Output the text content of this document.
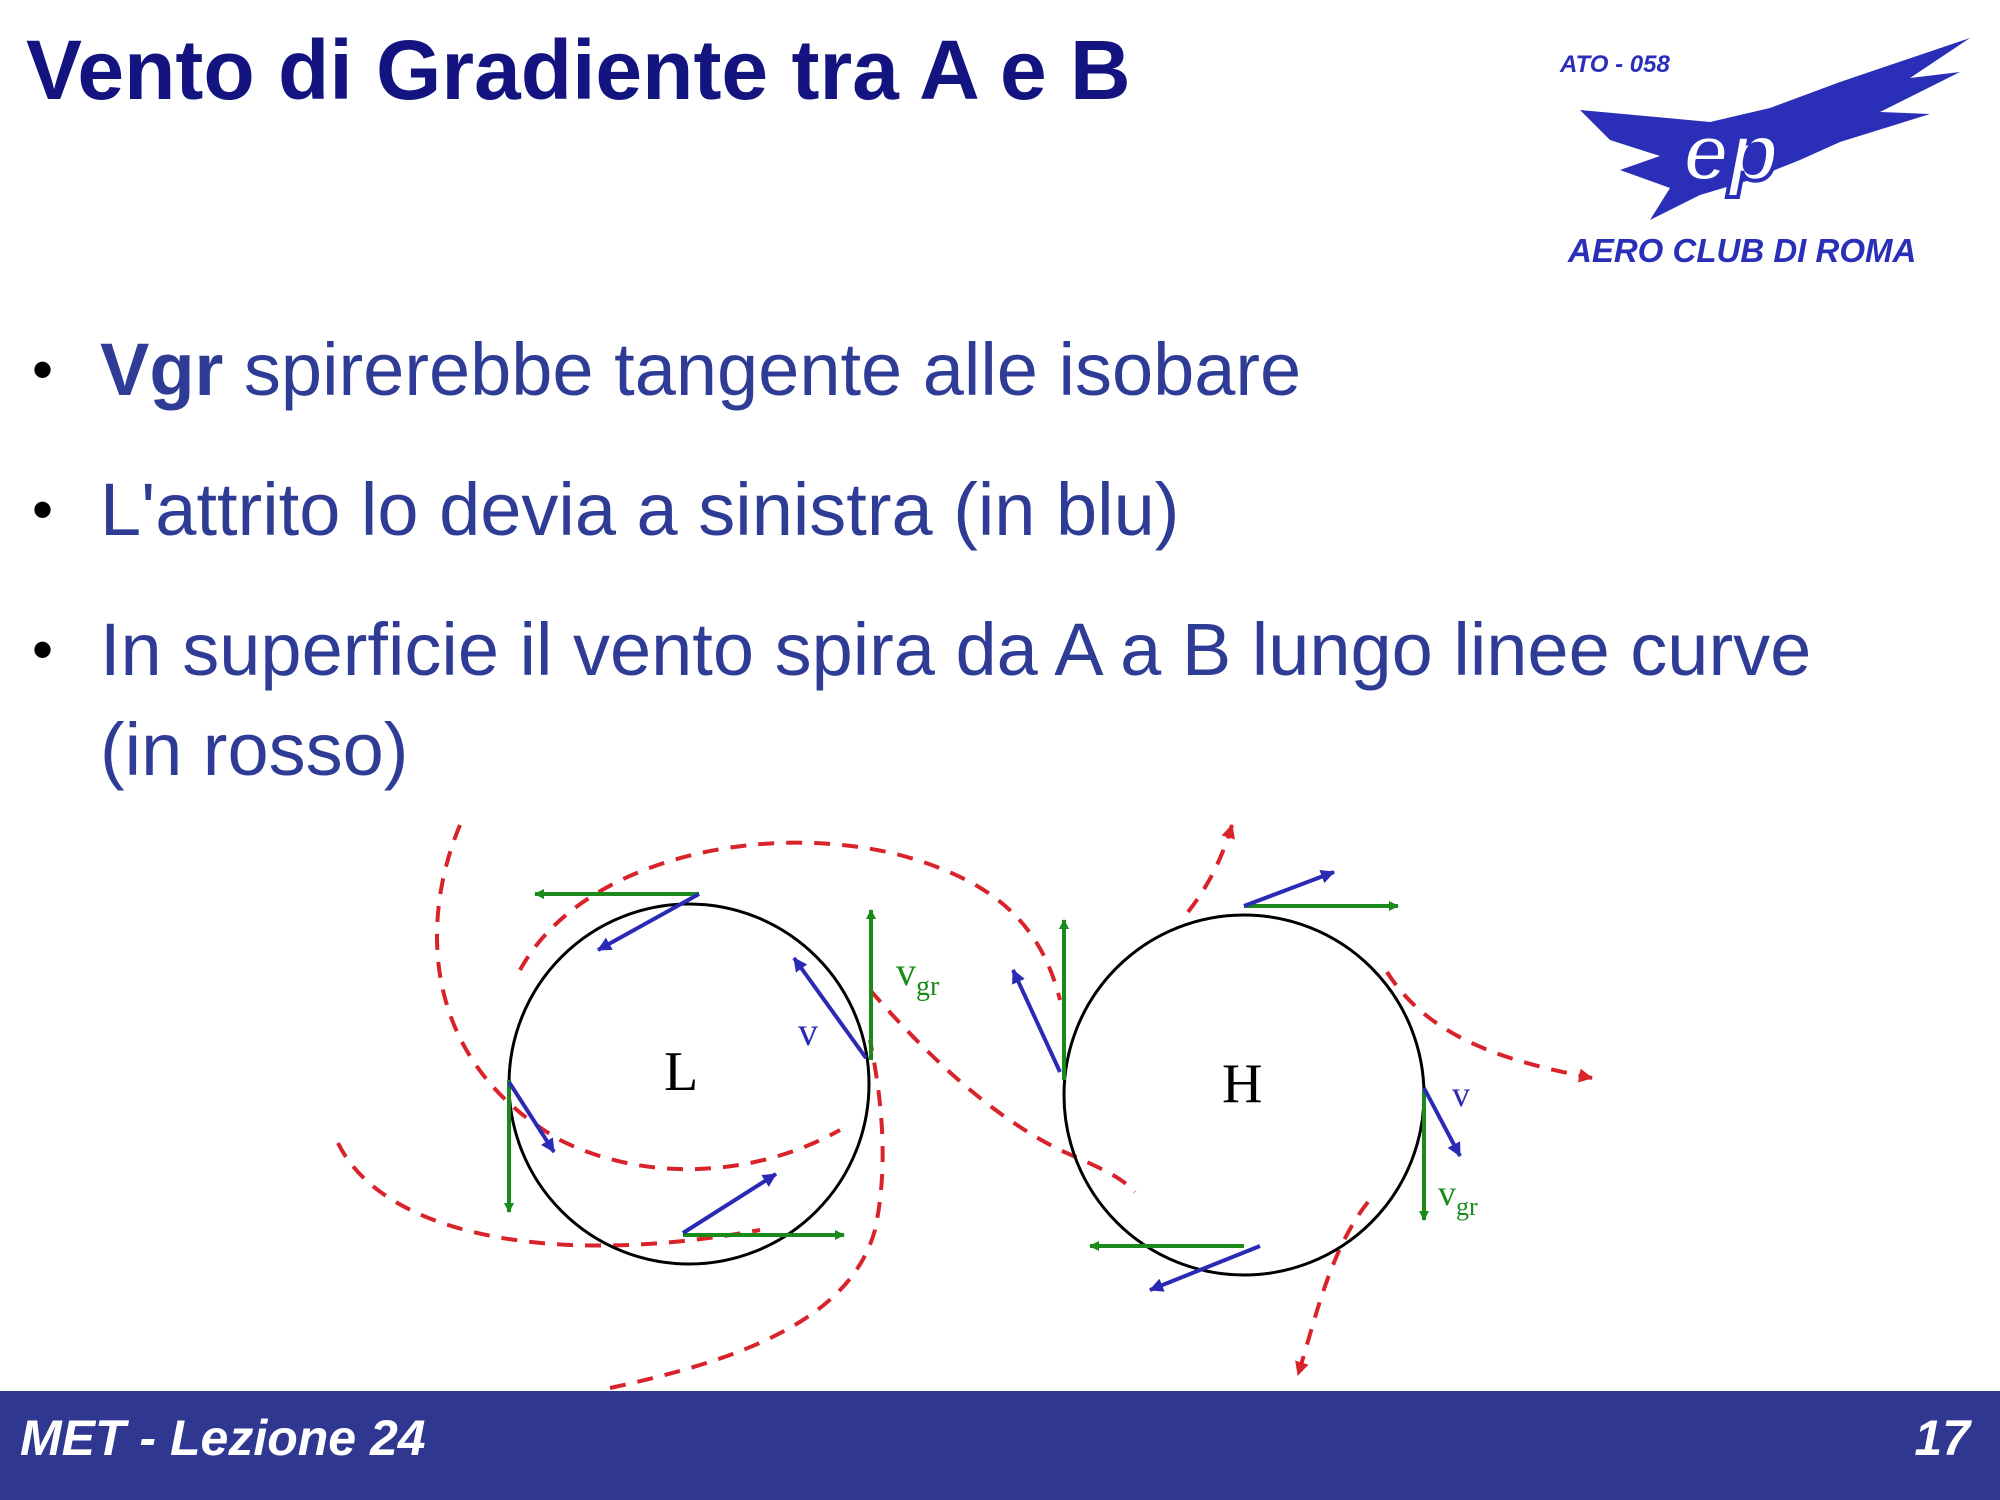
Vento di Gradiente tra A e B	ATO - 058
ep
AERO CLUB DI ROMA
• Vgr spirerebbe tangente alle isobare
• L'attrito lo devia a sinistra (in blu)
• In superficie il vento spira da A a B lungo linee curve (in rosso)
L	H
v
$v_{gr}$
v
$v_{gr}$
MET - Lezione 24	17
